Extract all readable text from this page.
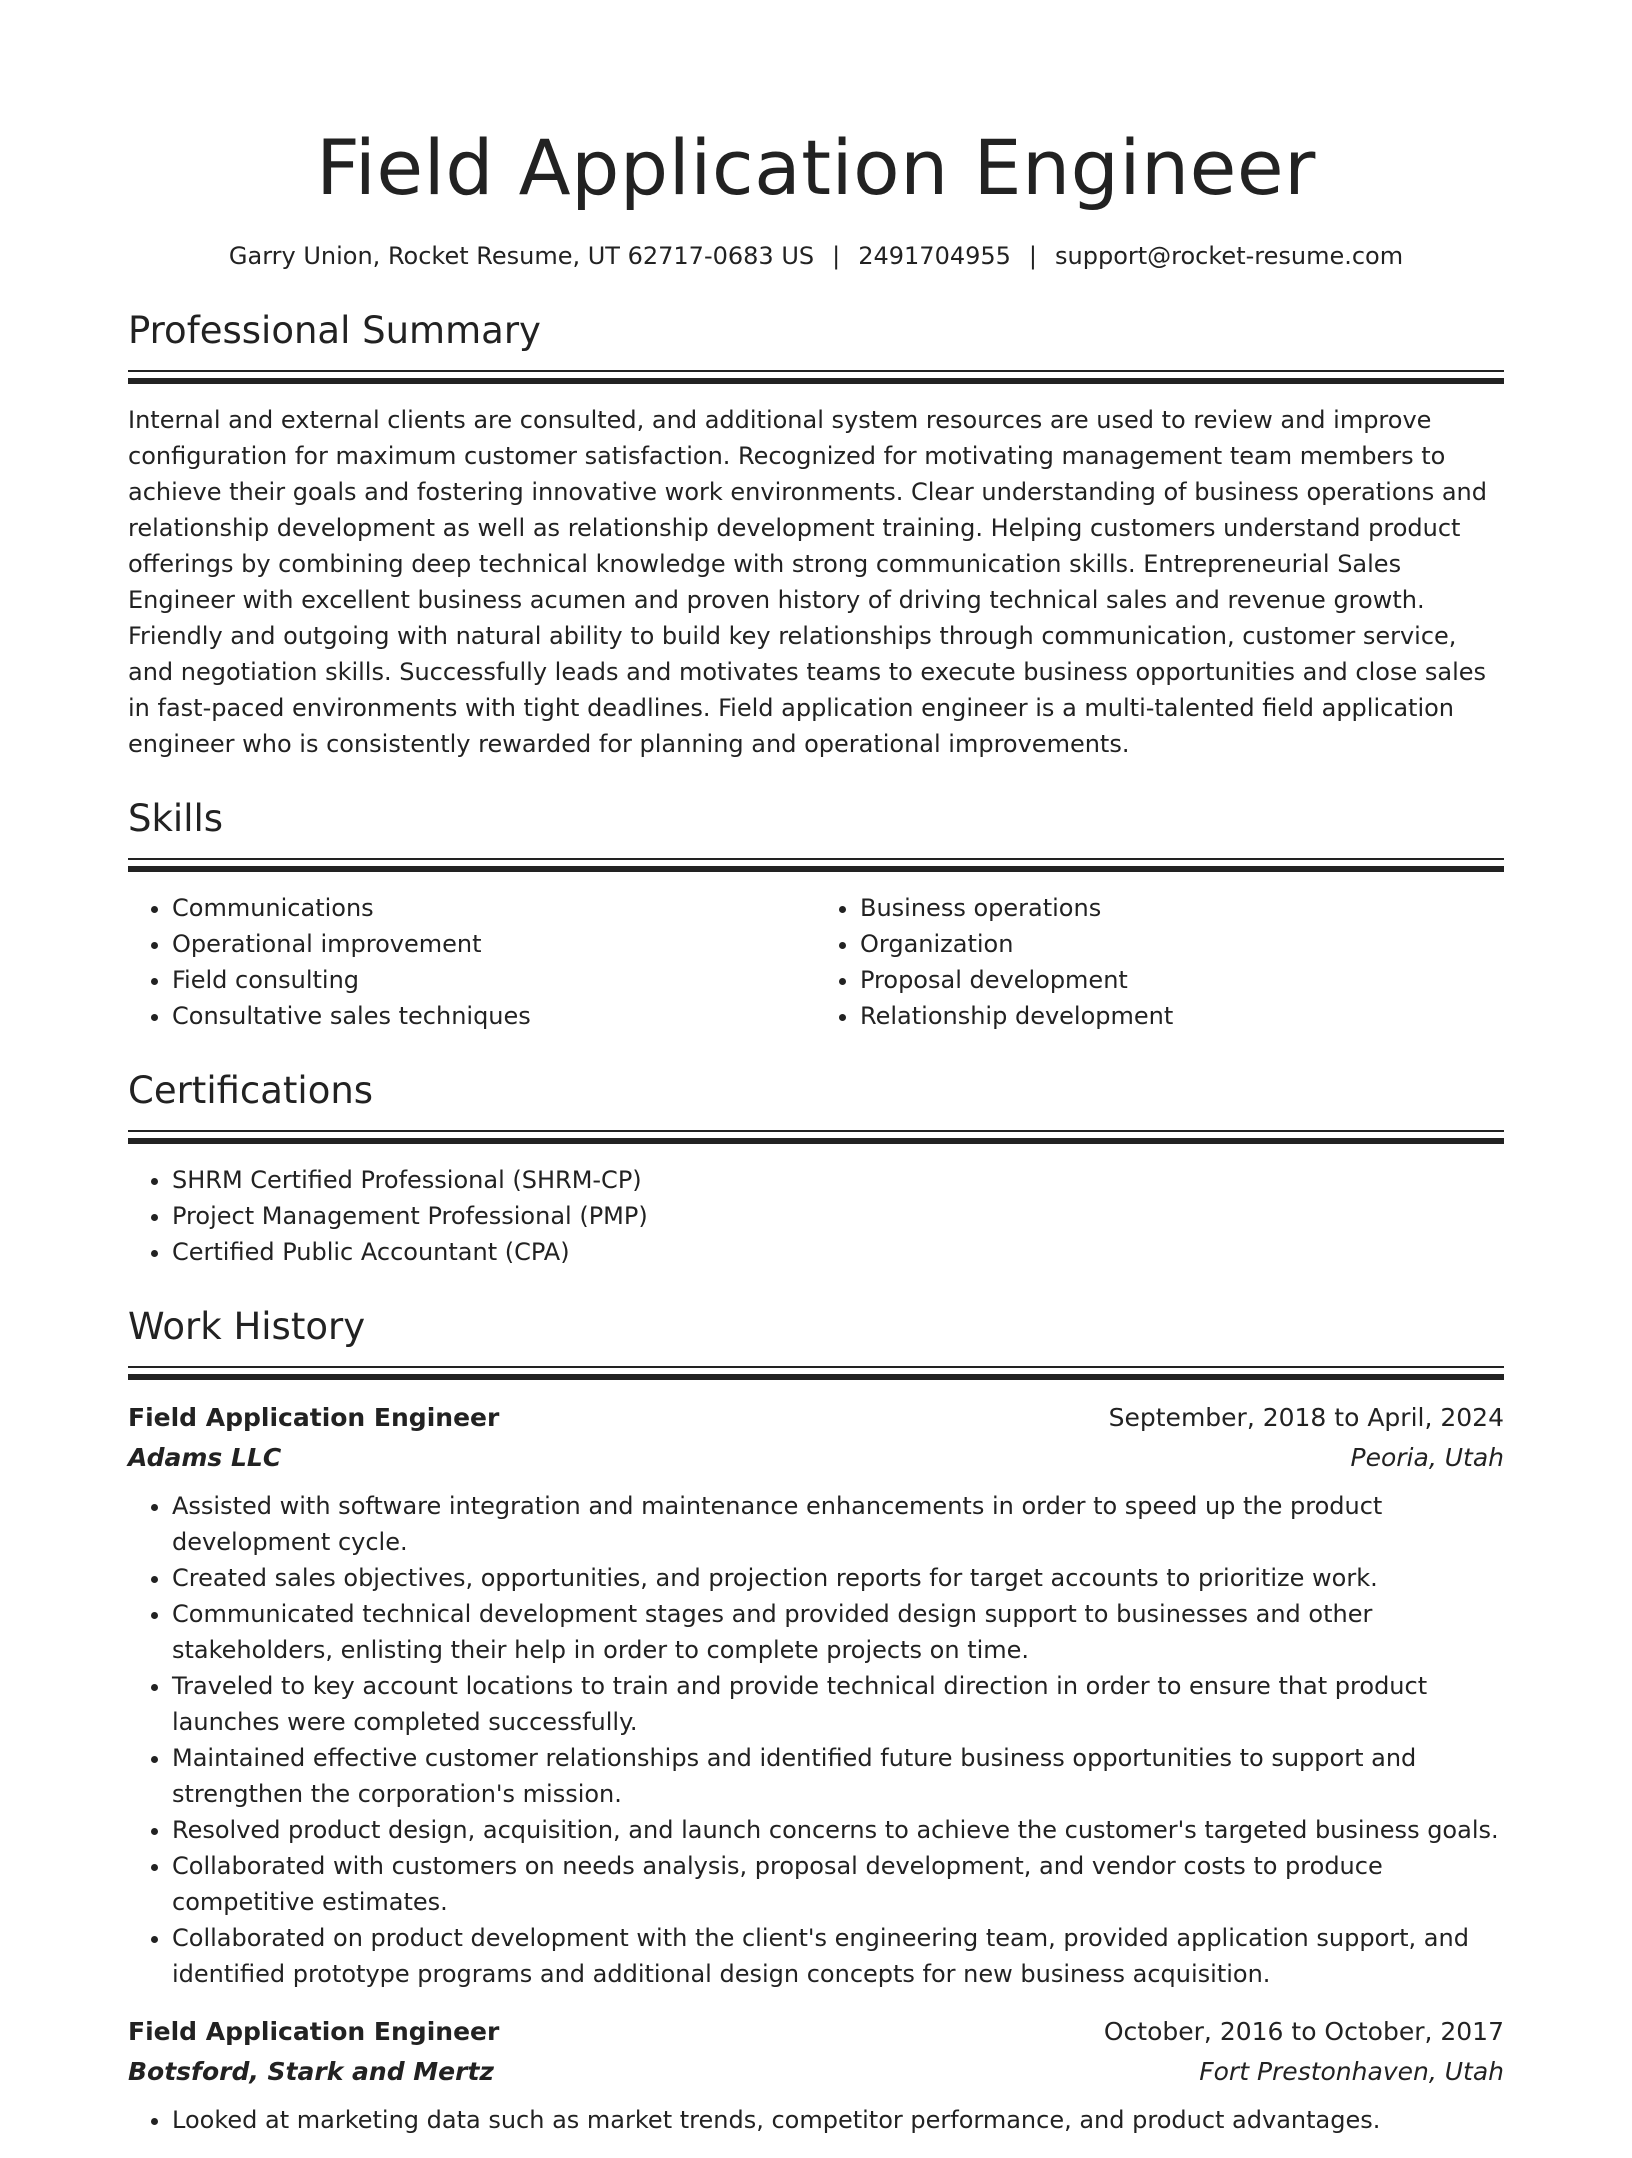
Field Application Engineer
Garry Union, Rocket Resume, UT 62717-0683 US | 2491704955 | support@rocket-resume.com
Professional Summary

Internal and external clients are consulted, and additional system resources are used to review and improve configuration for maximum customer satisfaction. Recognized for motivating management team members to achieve their goals and fostering innovative work environments. Clear understanding of business operations and relationship development as well as relationship development training. Helping customers understand product offerings by combining deep technical knowledge with strong communication skills. Entrepreneurial Sales Engineer with excellent business acumen and proven history of driving technical sales and revenue growth. Friendly and outgoing with natural ability to build key relationships through communication, customer service, and negotiation skills. Successfully leads and motivates teams to execute business opportunities and close sales in fast-paced environments with tight deadlines. Field application engineer is a multi-talented field application engineer who is consistently rewarded for planning and operational improvements.

Skills
• Communications
• Operational improvement
• Field consulting
• Consultative sales techniques
• Business operations
• Organization
• Proposal development
• Relationship development
Certifications
• SHRM Certified Professional (SHRM-CP)
• Project Management Professional (PMP)
• Certified Public Accountant (CPA)
Work History
Field Application Engineer	September, 2018 to April, 2024
Adams LLC	Peoria, Utah
• Assisted with software integration and maintenance enhancements in order to speed up the product development cycle.
• Created sales objectives, opportunities, and projection reports for target accounts to prioritize work.
• Communicated technical development stages and provided design support to businesses and other stakeholders, enlisting their help in order to complete projects on time.
• Traveled to key account locations to train and provide technical direction in order to ensure that product launches were completed successfully.
• Maintained effective customer relationships and identified future business opportunities to support and strengthen the corporation's mission.
• Resolved product design, acquisition, and launch concerns to achieve the customer's targeted business goals.
• Collaborated with customers on needs analysis, proposal development, and vendor costs to produce competitive estimates.
• Collaborated on product development with the client's engineering team, provided application support, and identified prototype programs and additional design concepts for new business acquisition.
Field Application Engineer	October, 2016 to October, 2017
Botsford, Stark and Mertz	Fort Prestonhaven, Utah
• Looked at marketing data such as market trends, competitor performance, and product advantages.
